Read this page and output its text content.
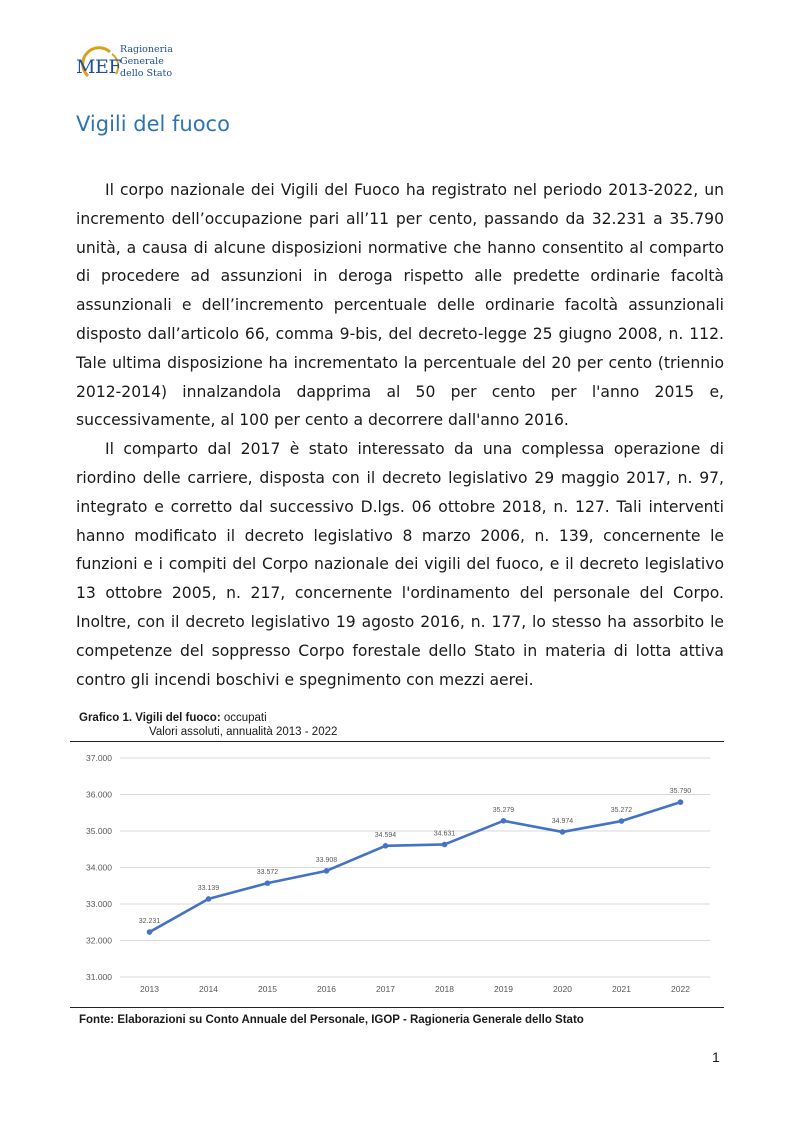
MEF
Ragioneria
Generale
dello Stato
Vigili del fuoco

Il corpo nazionale dei Vigili del Fuoco ha registrato nel periodo 2013-2022, un incremento dell’occupazione pari all’11 per cento, passando da 32.231 a 35.790 unità, a causa di alcune disposizioni normative che hanno consentito al comparto di procedere ad assunzioni in deroga rispetto alle predette ordinarie facoltà assunzionali e dell’incremento percentuale delle ordinarie facoltà assunzionali disposto dall’articolo 66, comma 9-bis, del decreto-legge 25 giugno 2008, n. 112. Tale ultima disposizione ha incrementato la percentuale del 20 per cento (triennio 2012-2014) innalzandola dapprima al 50 per cento per l'anno 2015 e, successivamente, al 100 per cento a decorrere dall'anno 2016.

Il comparto dal 2017 è stato interessato da una complessa operazione di riordino delle carriere, disposta con il decreto legislativo 29 maggio 2017, n. 97, integrato e corretto dal successivo D.lgs. 06 ottobre 2018, n. 127. Tali interventi hanno modificato il decreto legislativo 8 marzo 2006, n. 139, concernente le funzioni e i compiti del Corpo nazionale dei vigili del fuoco, e il decreto legislativo 13 ottobre 2005, n. 217, concernente l'ordinamento del personale del Corpo. Inoltre, con il decreto legislativo 19 agosto 2016, n. 177, lo stesso ha assorbito le competenze del soppresso Corpo forestale dello Stato in materia di lotta attiva contro gli incendi boschivi e spegnimento con mezzi aerei.

Grafico 1. Vigili del fuoco: occupati
Valori assoluti, annualità 2013 - 2022
31.000
32.000
33.000
34.000
35.000
36.000
37.000
2013	2014	2015	2016	2017	2018	2019	2020	2021	2022
32.231
33.139
33.572
33.908
34.594	34.631
35.279
34.974
35.272
35.790
Fonte: Elaborazioni su Conto Annuale del Personale, IGOP - Ragioneria Generale dello Stato
1
